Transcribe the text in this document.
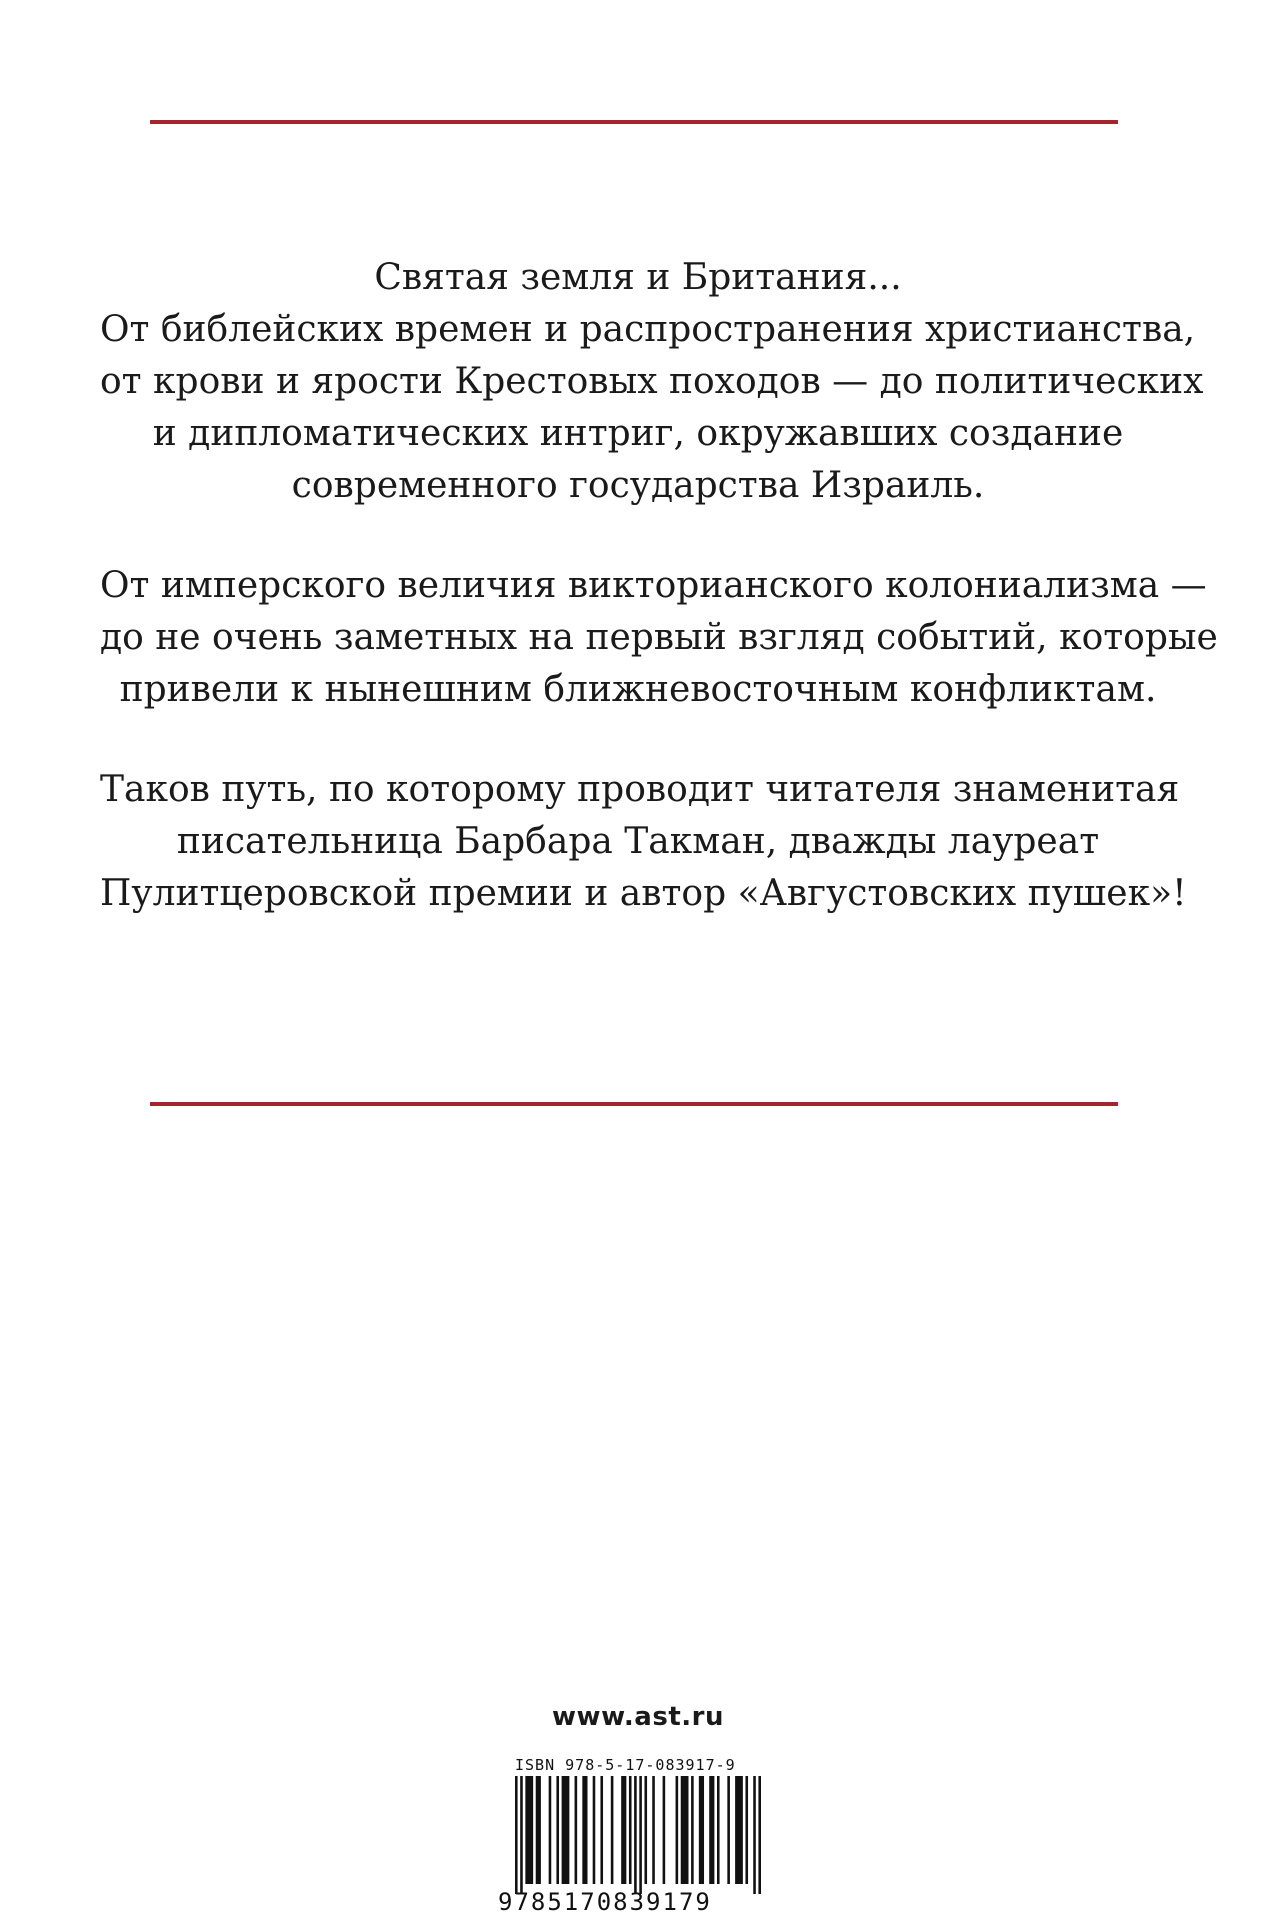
Святая земля и Британия...
От библейских времен и распространения христианства,
от крови и ярости Крестовых походов — до политических
и дипломатических интриг, окружавших создание
современного государства Израиль.

От имперского величия викторианского колониализма —
до не очень заметных на первый взгляд событий, которые
привели к нынешним ближневосточным конфликтам.

Таков путь, по которому проводит читателя знаменитая
писательница Барбара Такман, дважды лауреат
Пулитцеровской премии и автор «Августовских пушек»!

www.ast.ru
ISBN 978-5-17-083917-9
9785170839179
